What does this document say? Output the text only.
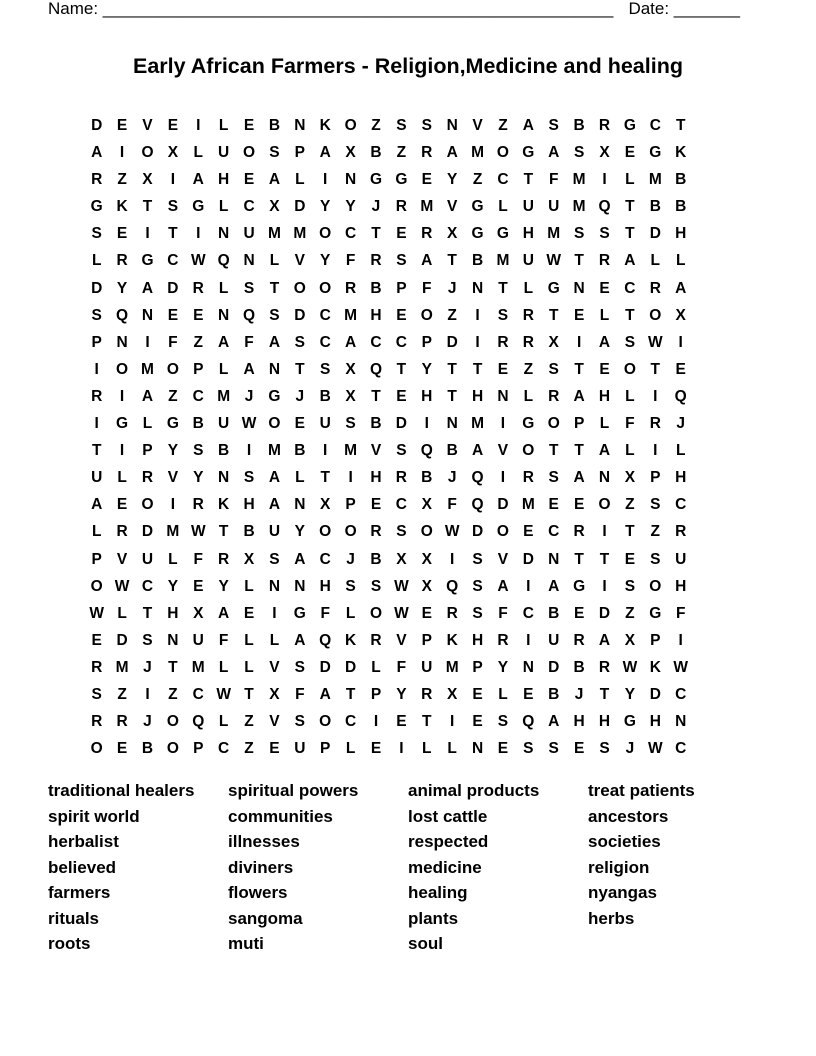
Name: ______________________________________________________ Date: _______
Early African Farmers - Religion,Medicine and healing
D E V E	I	L E B N K O Z S S N V Z A S B R G C T
A	I	O X L U O S P A X B Z R A M O G A S X E G K
R Z X	I	A H E A L	I	N G G E Y Z C T	F M	I	L M B
G K T S G L C X D Y Y	J R M V G L U U M Q T B B
S E	I	T	I	N U M M O C T E R X G G H M S S T D H
L R G C W Q N L V Y F R S A T B M U W T R A L	L
D Y A D R L S T O O R B P F	J N T	L G N E C R A
S Q N E E N Q S D C M H E O Z	I	S R T E L	T O X
P N	I	F	Z A F A S C A C C P D	I	R R X	I	A S W	I
I	O M O P L A N T S X Q T Y T	T E Z S T E O T E
R	I	A Z C M J G J B X T E H T H N L R A H L	I	Q
I	G L G B U W O E U S B D	I	N M	I	G O P L	F R J
T	I	P Y S B	I	M B	I	M V S Q B A V O T	T A L	I	L
U L R V Y N S A L	T	I	H R B J Q	I	R S A N X P H
A E O	I	R K H A N X P E C X F Q D M E E O Z S C
L R D M W T B U Y O O R S O W D O E C R	I	T	Z R
P V U L	F R X S A C J B X X	I	S V D N T	T E S U
O W C Y E Y L N N H S S W X Q S A	I	A G	I	S O H
W L	T H X A E	I	G F	L O W E R S F C B E D Z G F
E D S N U F	L	L A Q K R V P K H R	I	U R A X P	I
R M J	T M L	L V S D D L	F U M P Y N D B R W K W
S Z	I	Z C W T X F A T P Y R X E L E B J	T Y D C
R R J O Q L	Z V S O C	I	E T	I	E S Q A H H G H N
O E B O P C Z E U P L E	I	L	L N E S S E S	J W C
traditional healers
spirit world
herbalist
believed
farmers
rituals
roots
spiritual powers
communities
illnesses
diviners
flowers
sangoma
muti
animal products
lost cattle
respected
medicine
healing
plants
soul
treat patients
ancestors
societies
religion
nyangas
herbs
